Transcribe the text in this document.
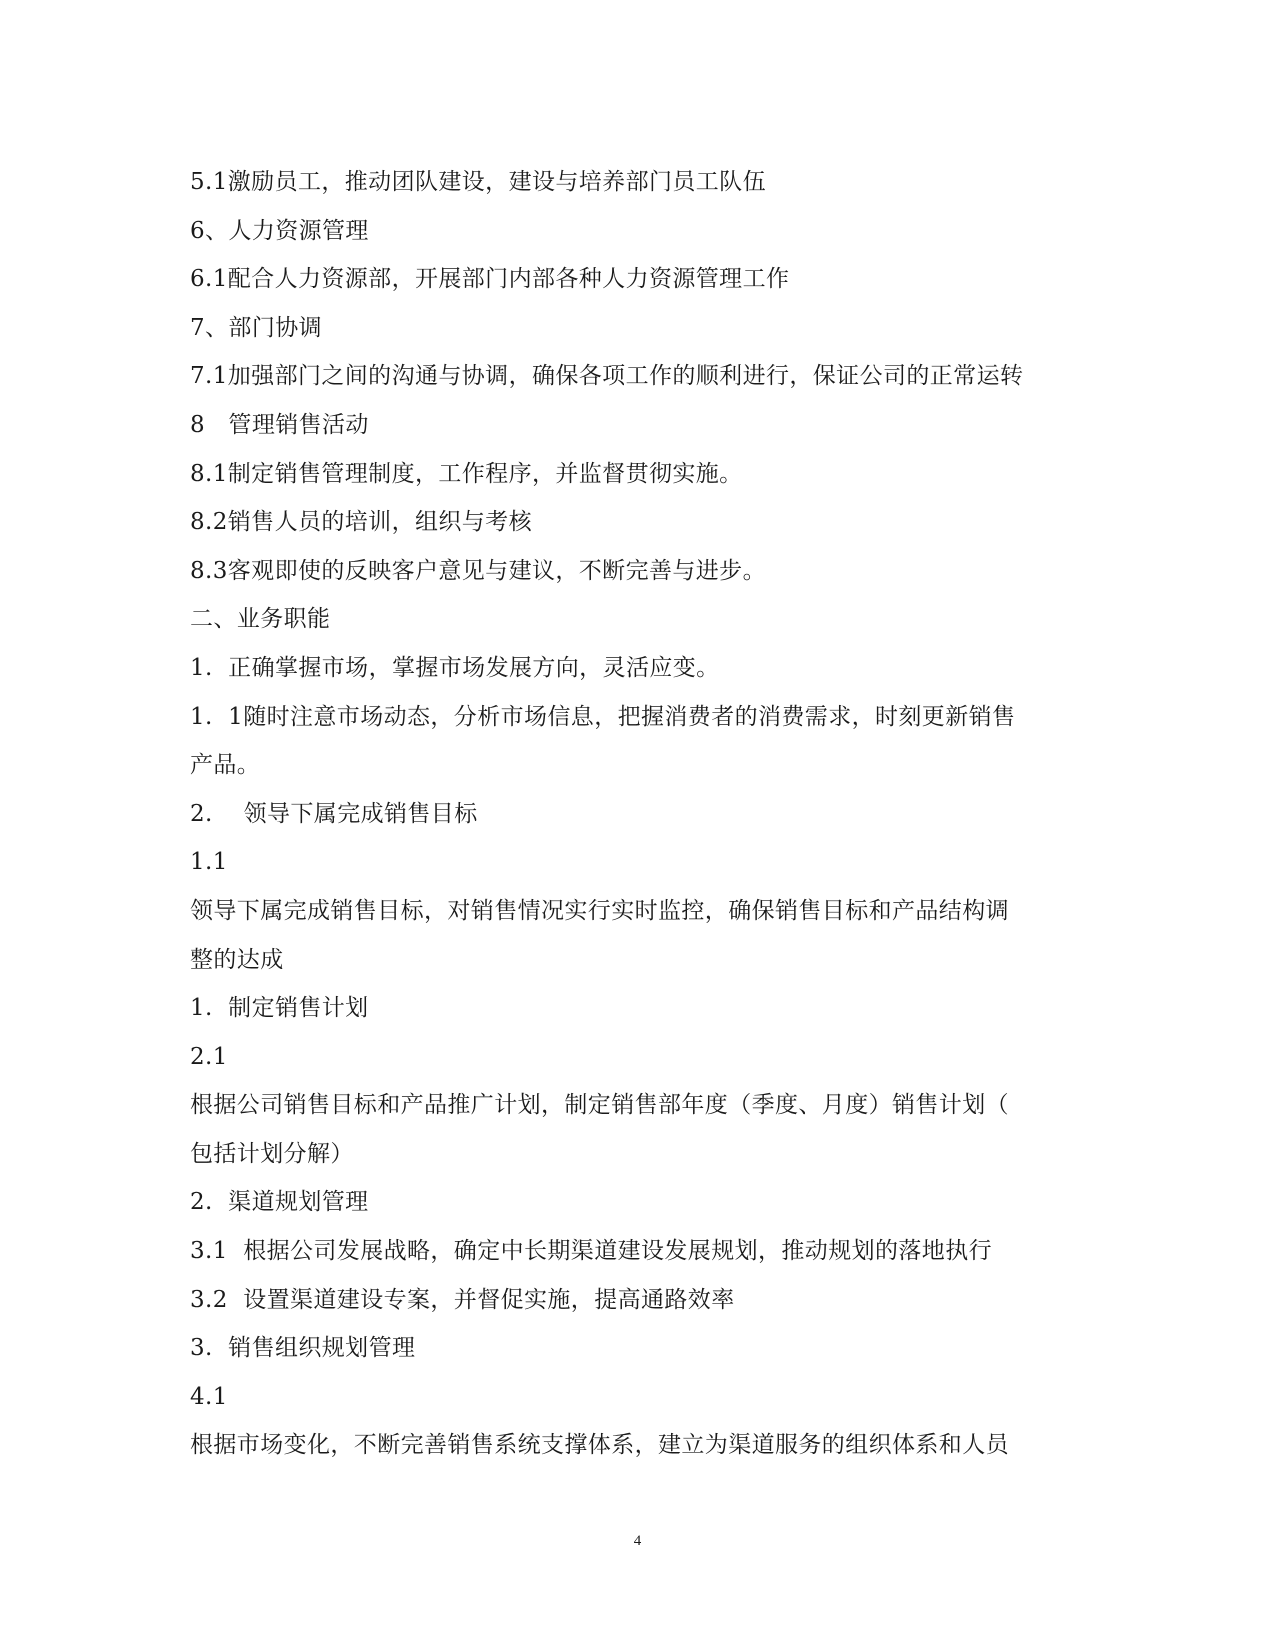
5.1激励员工，推动团队建设，建设与培养部门员工队伍
6、人力资源管理
6.1配合人力资源部，开展部门内部各种人力资源管理工作
7、部门协调
7.1加强部门之间的沟通与协调，确保各项工作的顺利进行，保证公司的正常运转
8　管理销售活动
8.1制定销售管理制度，工作程序，并监督贯彻实施。
8.2销售人员的培训，组织与考核
8.3客观即使的反映客户意见与建议，不断完善与进步。
二、业务职能
1.  正确掌握市场，掌握市场发展方向，灵活应变。
1.  1随时注意市场动态，分析市场信息，把握消费者的消费需求，时刻更新销售
产品。
2.    领导下属完成销售目标
1.1
领导下属完成销售目标，对销售情况实行实时监控，确保销售目标和产品结构调
整的达成
1.  制定销售计划
2.1
根据公司销售目标和产品推广计划，制定销售部年度（季度、月度）销售计划（
包括计划分解）
2.  渠道规划管理
3.1  根据公司发展战略，确定中长期渠道建设发展规划，推动规划的落地执行
3.2  设置渠道建设专案，并督促实施，提高通路效率
3.  销售组织规划管理
4.1
根据市场变化，不断完善销售系统支撑体系，建立为渠道服务的组织体系和人员
4
